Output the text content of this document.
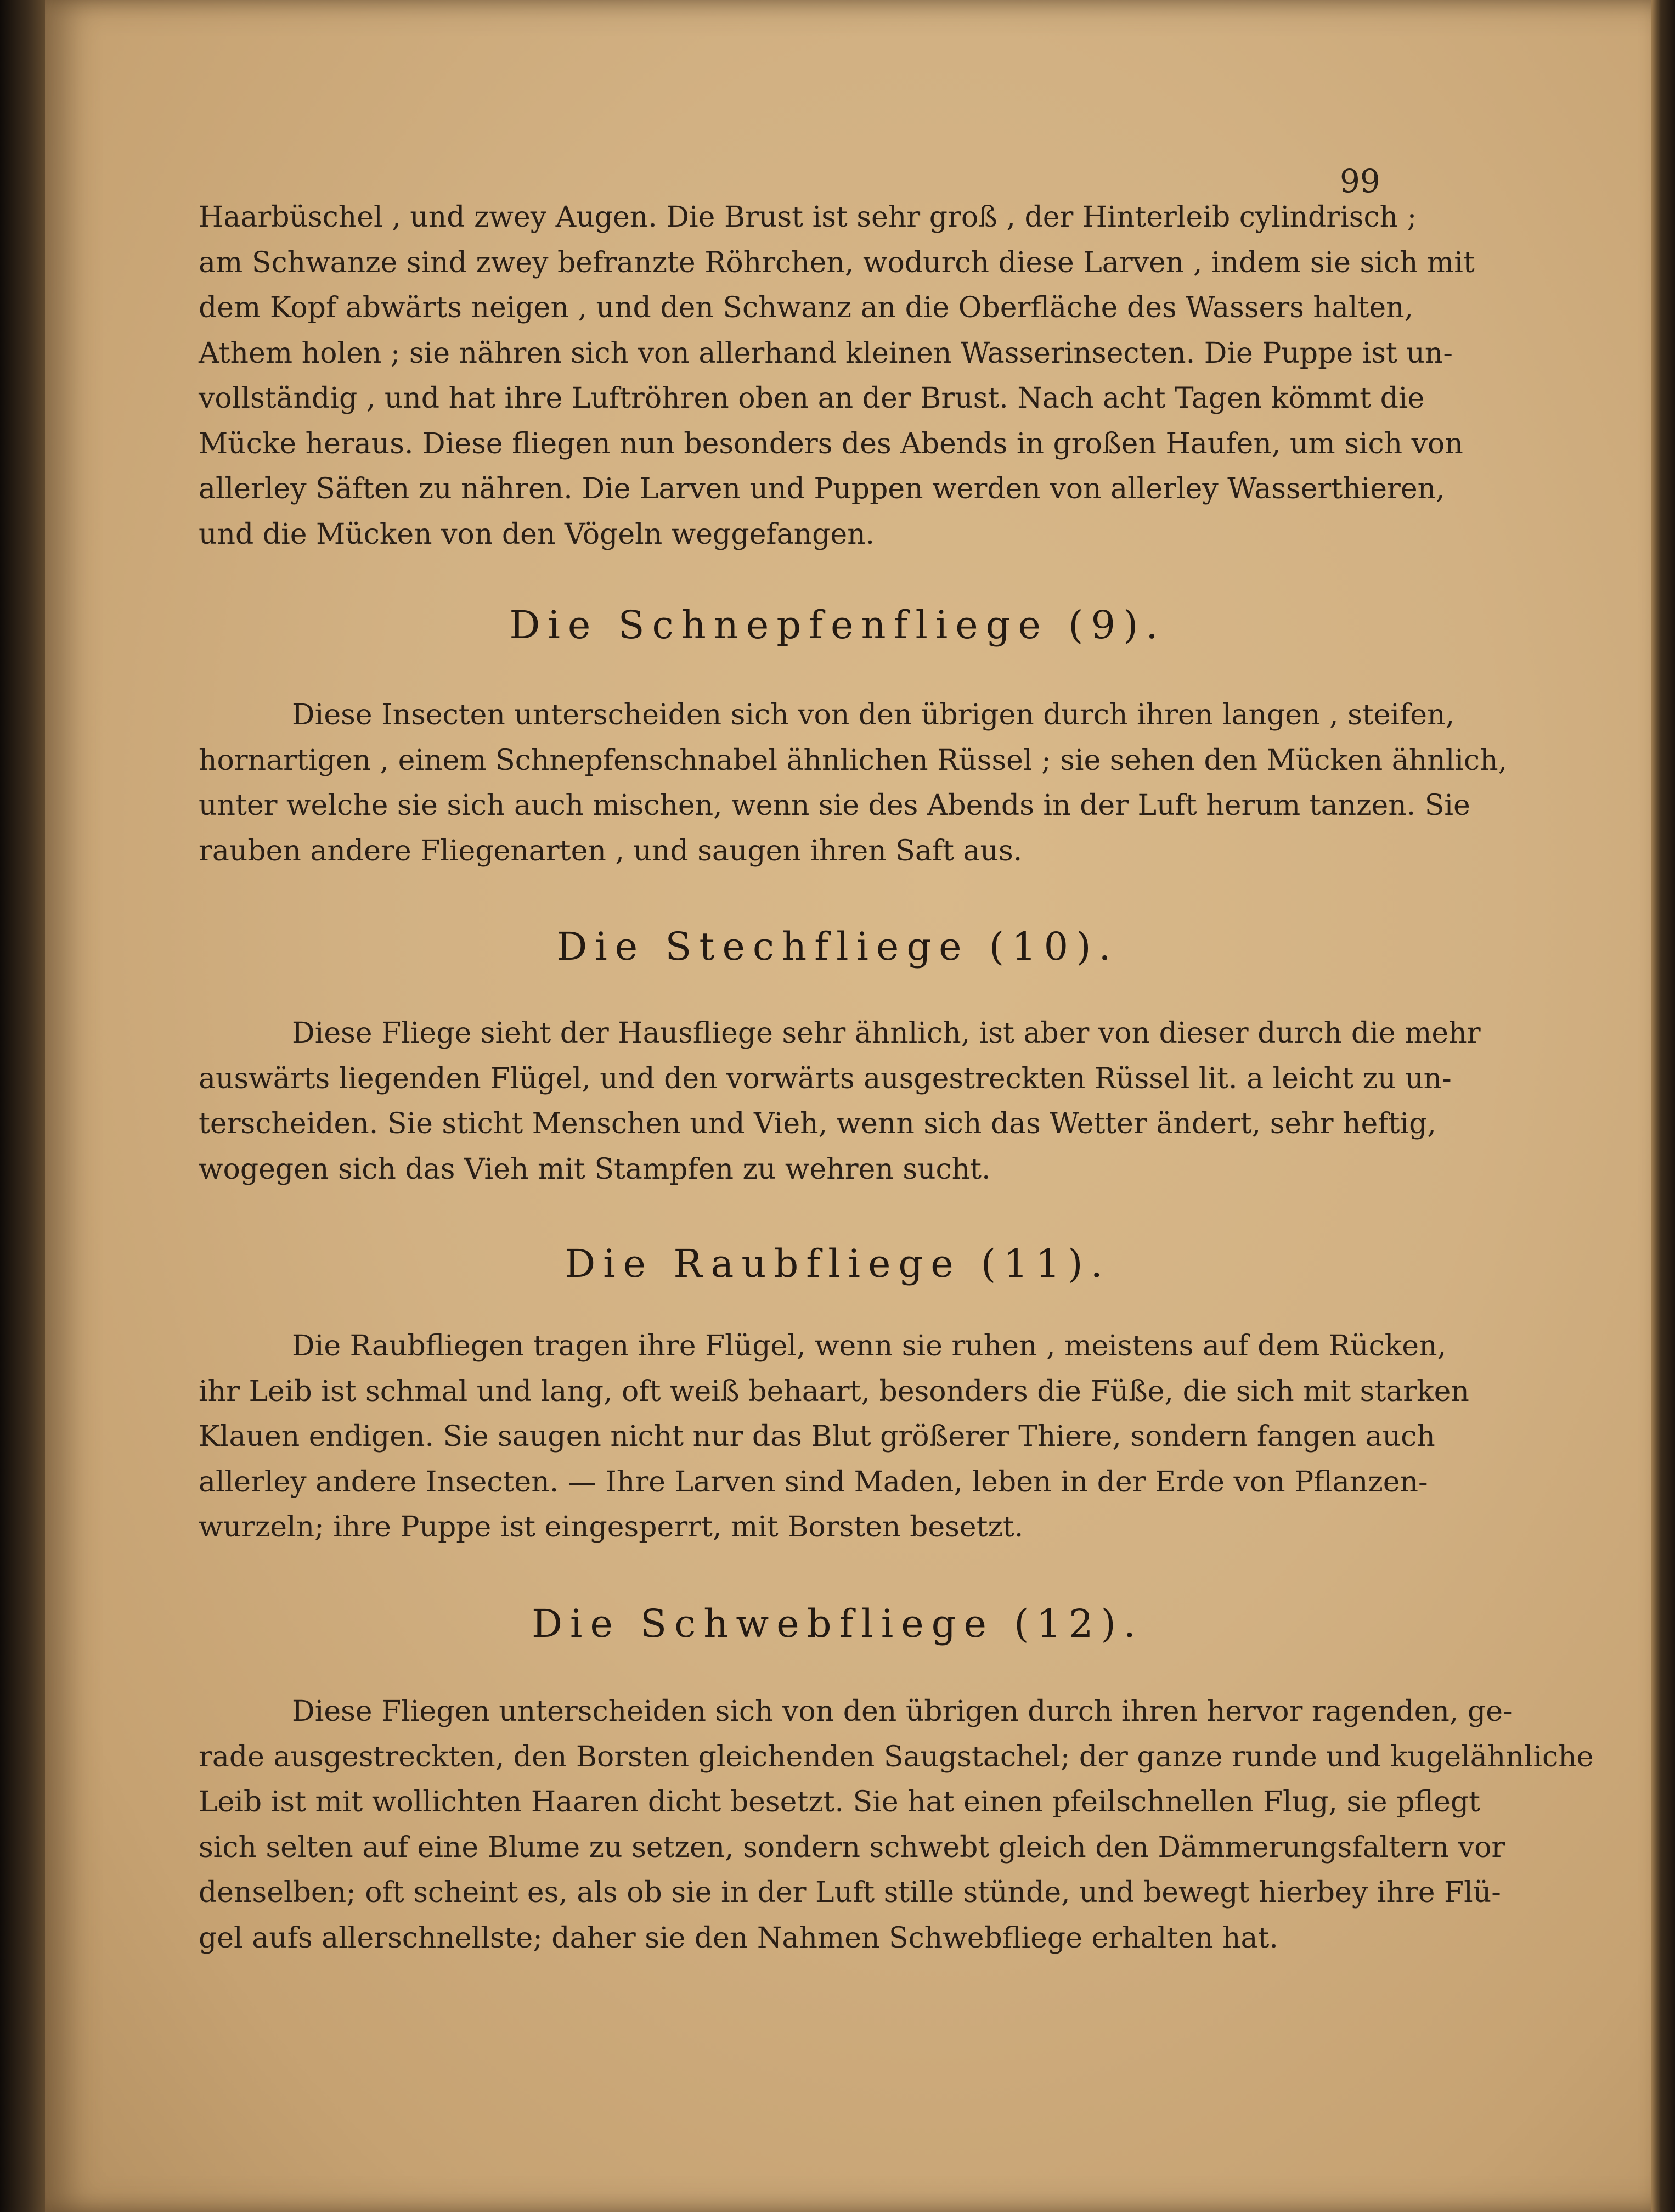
99
Haarbüschel , und zwey Augen. Die Brust ist sehr groß , der Hinterleib cylindrisch ;
am Schwanze sind zwey befranzte Röhrchen, wodurch diese Larven , indem sie sich mit
dem Kopf abwärts neigen , und den Schwanz an die Oberfläche des Wassers halten,
Athem holen ; sie nähren sich von allerhand kleinen Wasserinsecten. Die Puppe ist un-
vollständig , und hat ihre Luftröhren oben an der Brust. Nach acht Tagen kömmt die
Mücke heraus. Diese fliegen nun besonders des Abends in großen Haufen, um sich von
allerley Säften zu nähren. Die Larven und Puppen werden von allerley Wasserthieren,
und die Mücken von den Vögeln weggefangen.
Die Schnepfenfliege (9).
Diese Insecten unterscheiden sich von den übrigen durch ihren langen , steifen,
hornartigen , einem Schnepfenschnabel ähnlichen Rüssel ; sie sehen den Mücken ähnlich,
unter welche sie sich auch mischen, wenn sie des Abends in der Luft herum tanzen. Sie
rauben andere Fliegenarten , und saugen ihren Saft aus.
Die Stechfliege (10).
Diese Fliege sieht der Hausfliege sehr ähnlich, ist aber von dieser durch die mehr
auswärts liegenden Flügel, und den vorwärts ausgestreckten Rüssel lit. a leicht zu un-
terscheiden. Sie sticht Menschen und Vieh, wenn sich das Wetter ändert, sehr heftig,
wogegen sich das Vieh mit Stampfen zu wehren sucht.
Die Raubfliege (11).
Die Raubfliegen tragen ihre Flügel, wenn sie ruhen , meistens auf dem Rücken,
ihr Leib ist schmal und lang, oft weiß behaart, besonders die Füße, die sich mit starken
Klauen endigen. Sie saugen nicht nur das Blut größerer Thiere, sondern fangen auch
allerley andere Insecten. — Ihre Larven sind Maden, leben in der Erde von Pflanzen-
wurzeln; ihre Puppe ist eingesperrt, mit Borsten besetzt.
Die Schwebfliege (12).
Diese Fliegen unterscheiden sich von den übrigen durch ihren hervor ragenden, ge-
rade ausgestreckten, den Borsten gleichenden Saugstachel; der ganze runde und kugelähnliche
Leib ist mit wollichten Haaren dicht besetzt. Sie hat einen pfeilschnellen Flug, sie pflegt
sich selten auf eine Blume zu setzen, sondern schwebt gleich den Dämmerungsfaltern vor
denselben; oft scheint es, als ob sie in der Luft stille stünde, und bewegt hierbey ihre Flü-
gel aufs allerschnellste; daher sie den Nahmen Schwebfliege erhalten hat.
